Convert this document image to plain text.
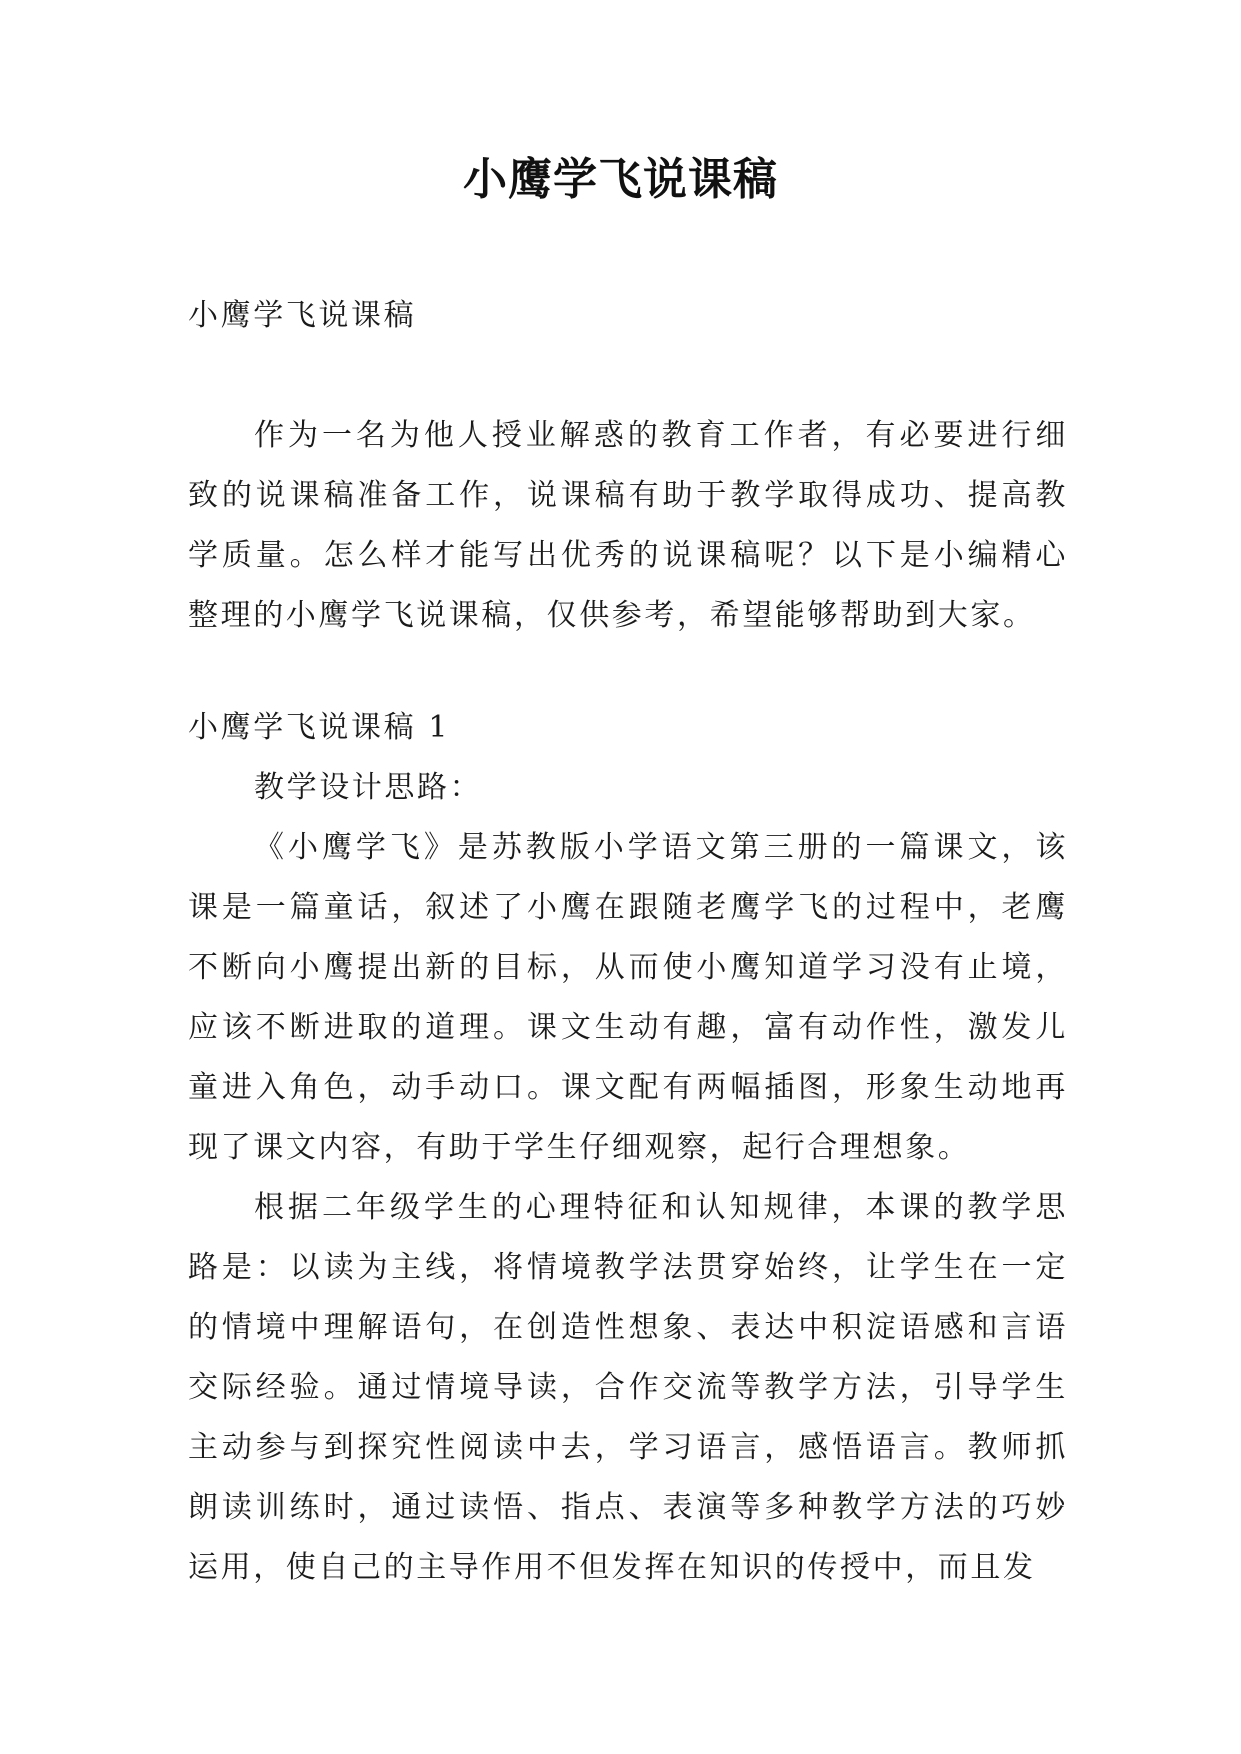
小鹰学飞说课稿

小鹰学飞说课稿

作为一名为他人授业解惑的教育工作者，有必要进行细致的说课稿准备工作，说课稿有助于教学取得成功、提高教学质量。怎么样才能写出优秀的说课稿呢？以下是小编精心整理的小鹰学飞说课稿，仅供参考，希望能够帮助到大家。

小鹰学飞说课稿 1

教学设计思路：

《小鹰学飞》是苏教版小学语文第三册的一篇课文，该课是一篇童话，叙述了小鹰在跟随老鹰学飞的过程中，老鹰不断向小鹰提出新的目标，从而使小鹰知道学习没有止境，应该不断进取的道理。课文生动有趣，富有动作性，激发儿童进入角色，动手动口。课文配有两幅插图，形象生动地再现了课文内容，有助于学生仔细观察，起行合理想象。

根据二年级学生的心理特征和认知规律，本课的教学思路是：以读为主线，将情境教学法贯穿始终，让学生在一定的情境中理解语句，在创造性想象、表达中积淀语感和言语交际经验。通过情境导读，合作交流等教学方法，引导学生主动参与到探究性阅读中去，学习语言，感悟语言。教师抓朗读训练时，通过读悟、指点、表演等多种教学方法的巧妙运用，使自己的主导作用不但发挥在知识的传授中，而且发
